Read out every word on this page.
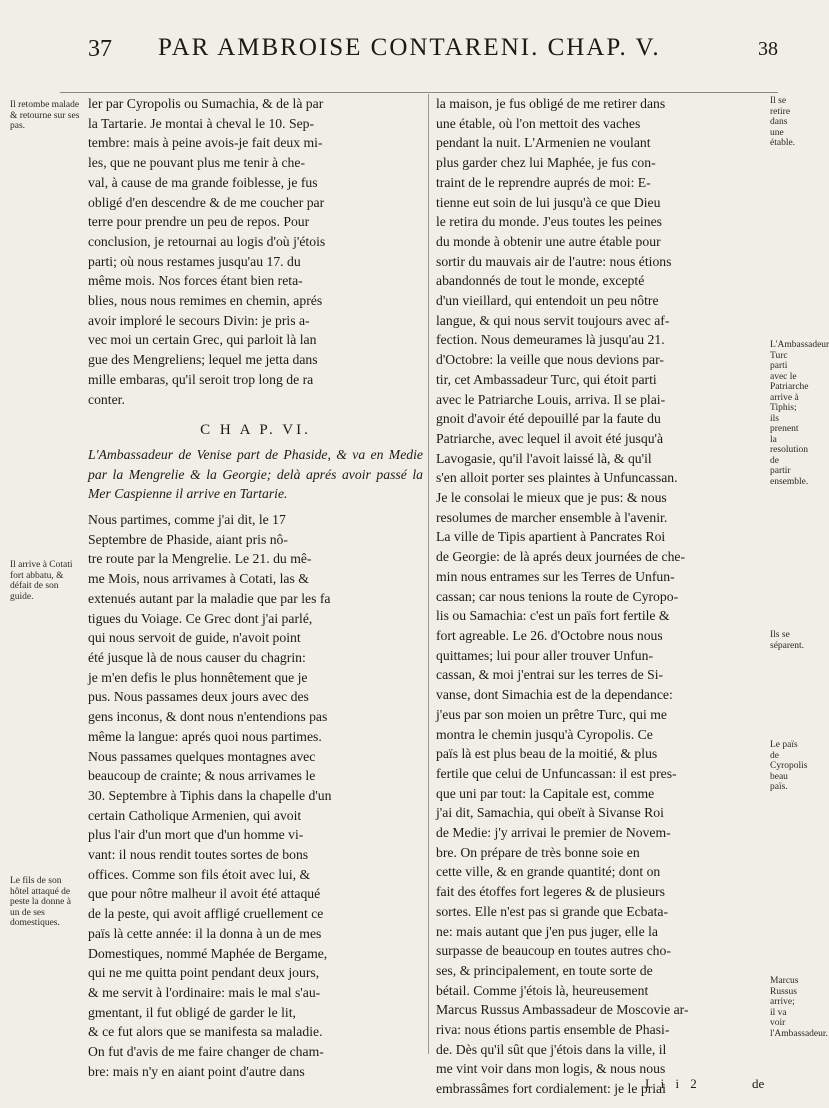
37 PAR AMBROISE CONTARENI. CHAP. V.	38
Il retombe malade & retourne sur ses pas.
Il arrive à Cotati fort abbatu, & défait de son guide.
Le fils de son hôtel attaqué de peste la donne à un de ses domestiques.

ler par Cyropolis ou Sumachia, & de là par

la Tartarie. Je montai à cheval le 10. Sep-

tembre: mais à peine avois-je fait deux mi-

les, que ne pouvant plus me tenir à che-

val, à cause de ma grande foiblesse, je fus

obligé d'en descendre & de me coucher par

terre pour prendre un peu de repos. Pour

conclusion, je retournai au logis d'où j'étois

parti; où nous restames jusqu'au 17. du

même mois. Nos forces étant bien reta-

blies, nous nous remimes en chemin, aprés

avoir imploré le secours Divin: je pris a-

vec moi un certain Grec, qui parloit là lan

gue des Mengreliens; lequel me jetta dans

mille embaras, qu'il seroit trop long de ra

conter.

C H A P. VI.

L'Ambassadeur de Venise part de Phaside, & va en Medie par la Mengrelie & la Georgie; delà aprés avoir passé la Mer Caspienne il arrive en Tartarie.

Nous partimes, comme j'ai dit, le 17

Septembre de Phaside, aiant pris nô-

tre route par la Mengrelie. Le 21. du mê-

me Mois, nous arrivames à Cotati, las &

extenués autant par la maladie que par les fa

tigues du Voiage. Ce Grec dont j'ai parlé,

qui nous servoit de guide, n'avoit point

été jusque là de nous causer du chagrin:

je m'en defis le plus honnêtement que je

pus. Nous passames deux jours avec des

gens inconus, & dont nous n'entendions pas

même la langue: aprés quoi nous partimes.

Nous passames quelques montagnes avec

beaucoup de crainte; & nous arrivames le

30. Septembre à Tiphis dans la chapelle d'un

certain Catholique Armenien, qui avoit

plus l'air d'un mort que d'un homme vi-

vant: il nous rendit toutes sortes de bons

offices. Comme son fils étoit avec lui, &

que pour nôtre malheur il avoit été attaqué

de la peste, qui avoit affligé cruellement ce

païs là cette année: il la donna à un de mes

Domestiques, nommé Maphée de Bergame,

qui ne me quitta point pendant deux jours,

& me servit à l'ordinaire: mais le mal s'au-

gmentant, il fut obligé de garder le lit,

& ce fut alors que se manifesta sa maladie.

On fut d'avis de me faire changer de cham-

bre: mais n'y en aiant point d'autre dans

la maison, je fus obligé de me retirer dans

une étable, où l'on mettoit des vaches

pendant la nuit. L'Armenien ne voulant

plus garder chez lui Maphée, je fus con-

traint de le reprendre auprés de moi: E-

tienne eut soin de lui jusqu'à ce que Dieu

le retira du monde. J'eus toutes les peines

du monde à obtenir une autre étable pour

sortir du mauvais air de l'autre: nous étions

abandonnés de tout le monde, excepté

d'un vieillard, qui entendoit un peu nôtre

langue, & qui nous servit toujours avec af-

fection. Nous demeurames là jusqu'au 21.

d'Octobre: la veille que nous devions par-

tir, cet Ambassadeur Turc, qui étoit parti

avec le Patriarche Louis, arriva. Il se plai-

gnoit d'avoir été depouillé par la faute du

Patriarche, avec lequel il avoit été jusqu'à

Lavogasie, qu'il l'avoit laissé là, & qu'il

s'en alloit porter ses plaintes à Unfuncassan.

Je le consolai le mieux que je pus: & nous

resolumes de marcher ensemble à l'avenir.

La ville de Tipis apartient à Pancrates Roi

de Georgie: de là aprés deux journées de che-

min nous entrames sur les Terres de Unfun-

cassan; car nous tenions la route de Cyropo-

lis ou Samachia: c'est un païs fort fertile &

fort agreable. Le 26. d'Octobre nous nous

quittames; lui pour aller trouver Unfun-

cassan, & moi j'entrai sur les terres de Si-

vanse, dont Simachia est de la dependance:

j'eus par son moien un prêtre Turc, qui me

montra le chemin jusqu'à Cyropolis. Ce

païs là est plus beau de la moitié, & plus

fertile que celui de Unfuncassan: il est pres-

que uni par tout: la Capitale est, comme

j'ai dit, Samachia, qui obeït à Sivanse Roi

de Medie: j'y arrivai le premier de Novem-

bre. On prépare de très bonne soie en

cette ville, & en grande quantité; dont on

fait des étoffes fort legeres & de plusieurs

sortes. Elle n'est pas si grande que Ecbata-

ne: mais autant que j'en pus juger, elle la

surpasse de beaucoup en toutes autres cho-

ses, & principalement, en toute sorte de

bétail. Comme j'étois là, heureusement

Marcus Russus Ambassadeur de Moscovie ar-

riva: nous étions partis ensemble de Phasi-

de. Dès qu'il sût que j'étois dans la ville, il

me vint voir dans mon logis, & nous nous

embrassâmes fort cordialement: je le priai

Il se retire dans une étable.
L'Ambassadeur Turc parti avec le Patriarche arrive à Tiphis; ils prenent la resolution de partir ensemble.
Ils se séparent.
Le païs de Cyropolis beau païs.
Marcus Russus arrive; il va voir l'Ambassadeur.
I i i 2	de
